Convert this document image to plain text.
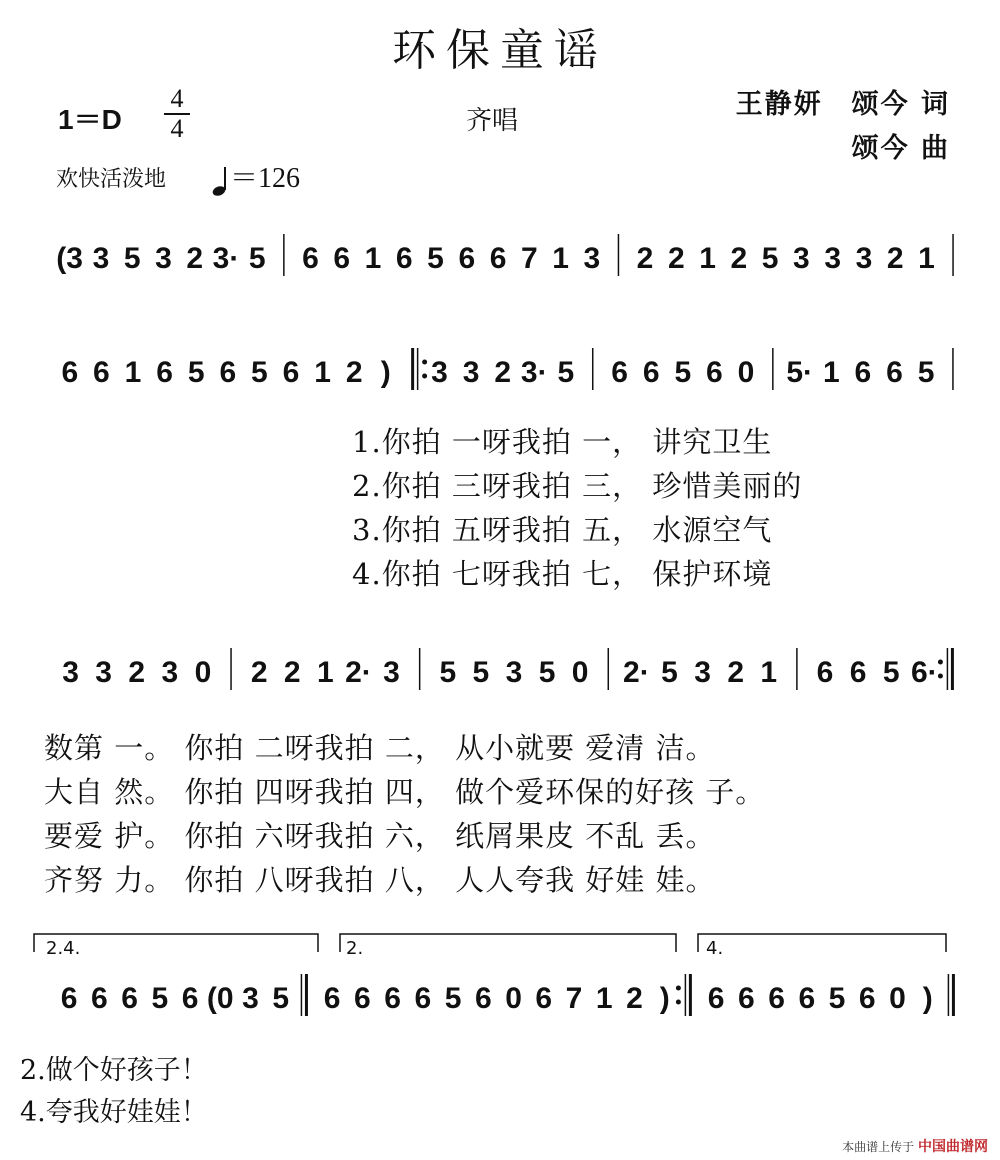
环保童谣
1＝D
4
4	齐唱
王静妍　颂今 词
颂今 曲
欢快活泼地	＝126
(3 3 5 3 2 3· 5 6 6 1 6 5 6 6 7 1 3 2 2 1 2 5 3 3 3 2 1
6 6 1 6 5 6 5 6 1 2 ) 3 3 2 3· 5 6 6 5 6 0 5· 1 6 6 5
3 3 2 3 0 2 2 1 2· 3 5 5 3 5 0 2· 5 3 2 1 6 6 5 6·
6 6 6 5 6 (0 3 5 6 6 6 6 5 6 0 6 7 1 2 ) 6 6 6 6 5 6 0 )
1.你拍 一呀我拍 一， 讲究卫生
2.你拍 三呀我拍 三， 珍惜美丽的
3.你拍 五呀我拍 五， 水源空气
4.你拍 七呀我拍 七， 保护环境
数第 一。 你拍 二呀我拍 二， 从小就要 爱清 洁。
大自 然。 你拍 四呀我拍 四， 做个爱环保的好孩 子。
要爱 护。 你拍 六呀我拍 六， 纸屑果皮 不乱 丢。
齐努 力。 你拍 八呀我拍 八， 人人夸我 好娃 娃。
2.4.	2.	4.
2.做个好孩子！
4.夸我好娃娃！
本曲谱上传于 中国曲谱网
